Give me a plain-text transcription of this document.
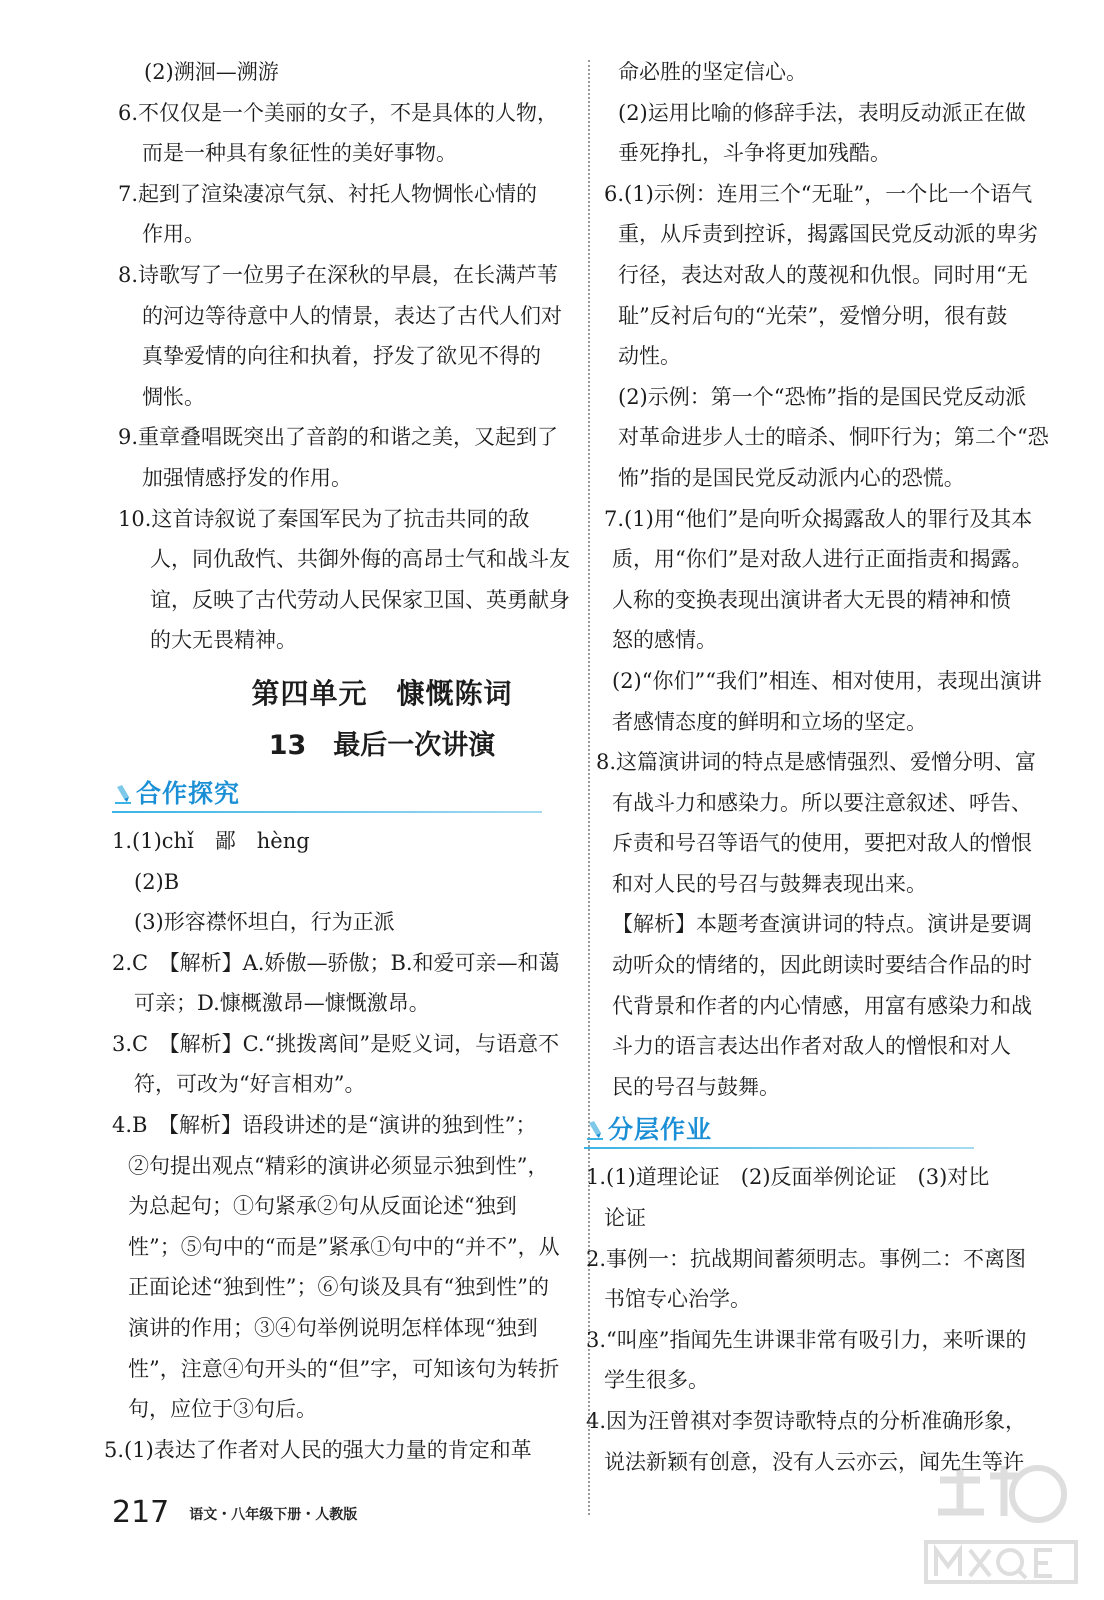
(2)溯洄—溯游
6.不仅仅是一个美丽的女子，不是具体的人物，
而是一种具有象征性的美好事物。
7.起到了渲染凄凉气氛、衬托人物惆怅心情的
作用。
8.诗歌写了一位男子在深秋的早晨，在长满芦苇
的河边等待意中人的情景，表达了古代人们对
真挚爱情的向往和执着，抒发了欲见不得的
惆怅。
9.重章叠唱既突出了音韵的和谐之美，又起到了
加强情感抒发的作用。
10.这首诗叙说了秦国军民为了抗击共同的敌
人，同仇敌忾、共御外侮的高昂士气和战斗友
谊，反映了古代劳动人民保家卫国、英勇献身
的大无畏精神。
第四单元　慷慨陈词
13　最后一次讲演
合作探究
1.(1)chǐ　鄙　hèng
(2)B
(3)形容襟怀坦白，行为正派
2.C　【解析】A.娇傲—骄傲；B.和爱可亲—和蔼
可亲；D.慷概激昂—慷慨激昂。
3.C　【解析】C.“挑拨离间”是贬义词，与语意不
符，可改为“好言相劝”。
4.B　【解析】语段讲述的是“演讲的独到性”；
②句提出观点“精彩的演讲必须显示独到性”，
为总起句；①句紧承②句从反面论述“独到
性”；⑤句中的“而是”紧承①句中的“并不”，从
正面论述“独到性”；⑥句谈及具有“独到性”的
演讲的作用；③④句举例说明怎样体现“独到
性”，注意④句开头的“但”字，可知该句为转折
句，应位于③句后。
5.(1)表达了作者对人民的强大力量的肯定和革
命必胜的坚定信心。
(2)运用比喻的修辞手法，表明反动派正在做
垂死挣扎，斗争将更加残酷。
6.(1)示例：连用三个“无耻”，一个比一个语气
重，从斥责到控诉，揭露国民党反动派的卑劣
行径，表达对敌人的蔑视和仇恨。同时用“无
耻”反衬后句的“光荣”，爱憎分明，很有鼓
动性。
(2)示例：第一个“恐怖”指的是国民党反动派
对革命进步人士的暗杀、恫吓行为；第二个“恐
怖”指的是国民党反动派内心的恐慌。
7.(1)用“他们”是向听众揭露敌人的罪行及其本
质，用“你们”是对敌人进行正面指责和揭露。
人称的变换表现出演讲者大无畏的精神和愤
怒的感情。
(2)“你们”“我们”相连、相对使用，表现出演讲
者感情态度的鲜明和立场的坚定。
8.这篇演讲词的特点是感情强烈、爱憎分明、富
有战斗力和感染力。所以要注意叙述、呼告、
斥责和号召等语气的使用，要把对敌人的憎恨
和对人民的号召与鼓舞表现出来。
【解析】本题考查演讲词的特点。演讲是要调
动听众的情绪的，因此朗读时要结合作品的时
代背景和作者的内心情感，用富有感染力和战
斗力的语言表达出作者对敌人的憎恨和对人
民的号召与鼓舞。
分层作业
1.(1)道理论证　(2)反面举例论证　(3)对比
论证
2.事例一：抗战期间蓄须明志。事例二：不离图
书馆专心治学。
3.“叫座”指闻先生讲课非常有吸引力，来听课的
学生很多。
4.因为汪曾祺对李贺诗歌特点的分析准确形象，
说法新颖有创意，没有人云亦云，闻先生等许
217 语文・八年级下册・人教版
